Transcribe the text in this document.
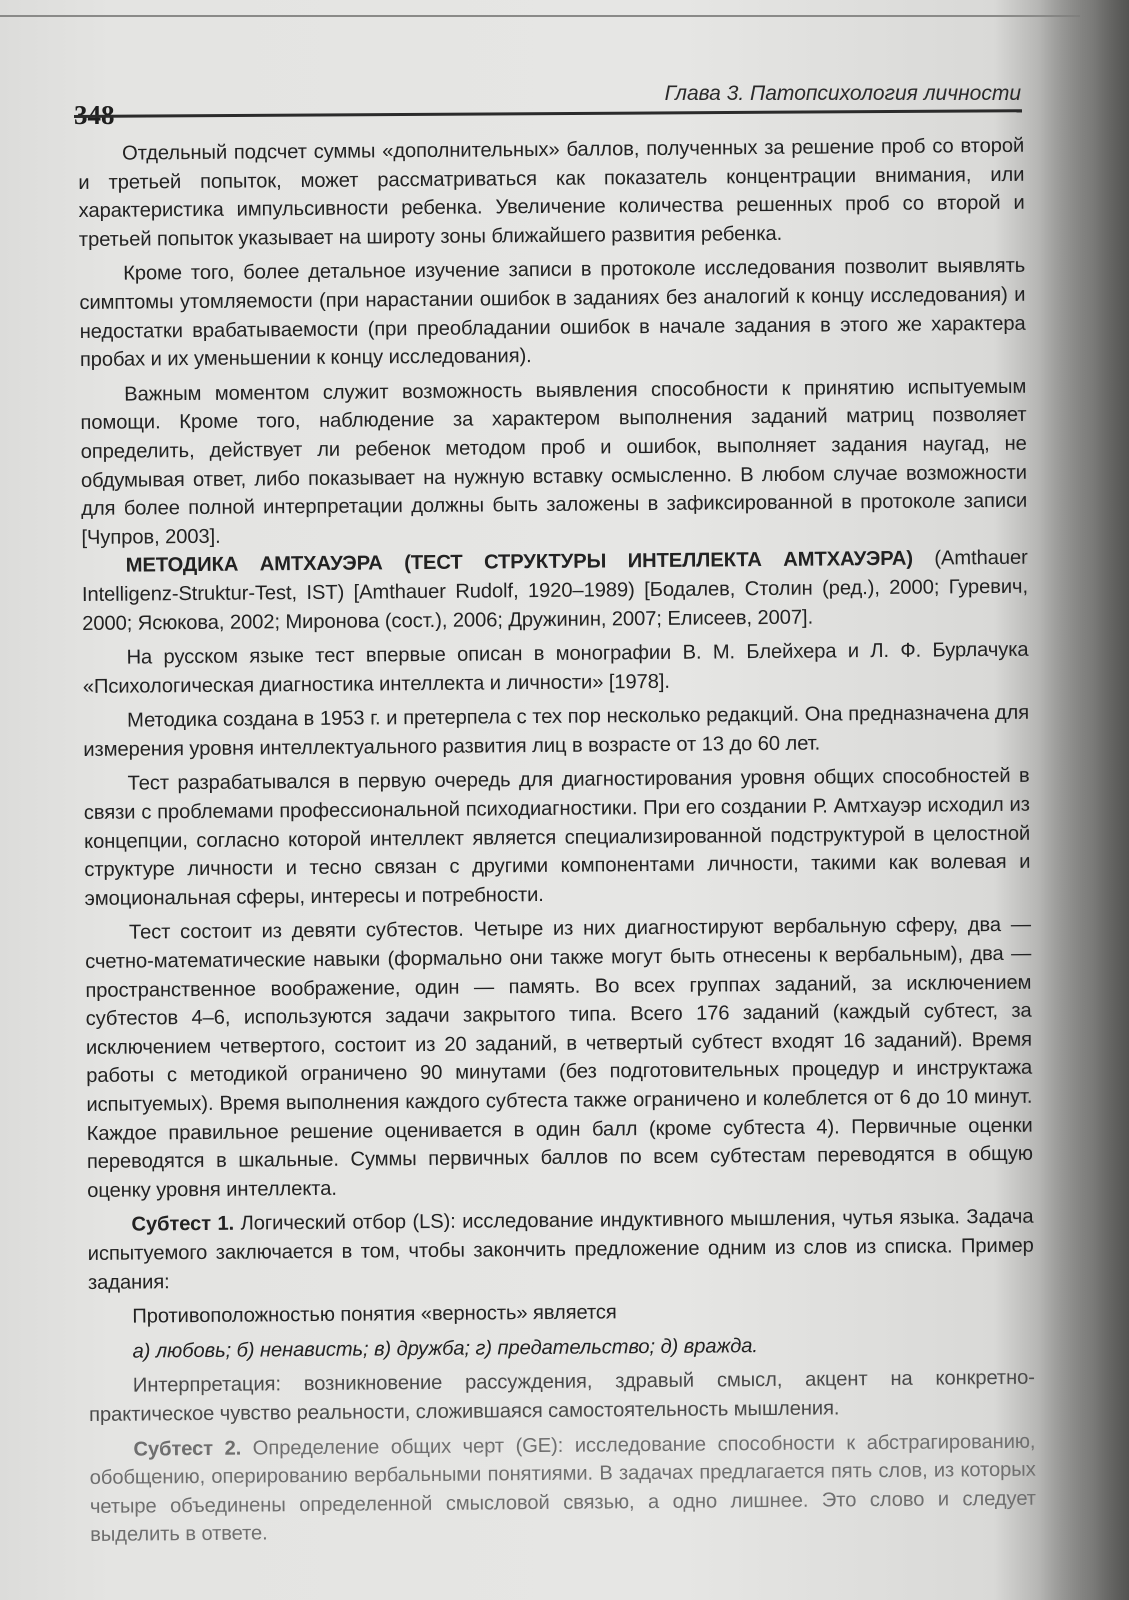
348
Глава 3. Патопсихология личности

Отдельный подсчет суммы «дополнительных» баллов, полученных за решение проб со второй и третьей попыток, может рассматриваться как показатель концентрации внимания, или характеристика импульсивности ребенка. Увеличение количества решенных проб со второй и третьей попыток указывает на широту зоны ближайшего развития ребенка.

Кроме того, более детальное изучение записи в протоколе исследования позволит выявлять симптомы утомляемости (при нарастании ошибок в заданиях без аналогий к концу исследования) и недостатки врабатываемости (при преобладании ошибок в начале задания в этого же характера пробах и их уменьшении к концу исследования).

Важным моментом служит возможность выявления способности к принятию испытуемым помощи. Кроме того, наблюдение за характером выполнения заданий матриц позволяет определить, действует ли ребенок методом проб и ошибок, выполняет задания наугад, не обдумывая ответ, либо показывает на нужную вставку осмысленно. В любом случае возможности для более полной интерпретации должны быть заложены в зафиксированной в протоколе записи [Чупров, 2003].

МЕТОДИКА АМТХАУЭРА (ТЕСТ СТРУКТУРЫ ИНТЕЛЛЕКТА АМТХАУЭРА) (Amthauer Intelligenz-Struktur-Test, IST) [Amthauer Rudolf, 1920–1989) [Бодалев, Столин (ред.), 2000; Гуревич, 2000; Ясюкова, 2002; Миронова (сост.), 2006; Дружинин, 2007; Елисеев, 2007].

На русском языке тест впервые описан в монографии В. М. Блейхера и Л. Ф. Бурлачука «Психологическая диагностика интеллекта и личности» [1978].

Методика создана в 1953 г. и претерпела с тех пор несколько редакций. Она предназначена для измерения уровня интеллектуального развития лиц в возрасте от 13 до 60 лет.

Тест разрабатывался в первую очередь для диагностирования уровня общих способностей в связи с проблемами профессиональной психодиагностики. При его создании Р. Амтхауэр исходил из концепции, согласно которой интеллект является специализированной подструктурой в целостной структуре личности и тесно связан с другими компонентами личности, такими как волевая и эмоциональная сферы, интересы и потребности.

Тест состоит из девяти субтестов. Четыре из них диагностируют вербальную сферу, два — счетно-математические навыки (формально они также могут быть отнесены к вербальным), два — пространственное воображение, один — память. Во всех группах заданий, за исключением субтестов 4–6, используются задачи закрытого типа. Всего 176 заданий (каждый субтест, за исключением четвертого, состоит из 20 заданий, в четвертый субтест входят 16 заданий). Время работы с методикой ограничено 90 минутами (без подготовительных процедур и инструктажа испытуемых). Время выполнения каждого субтеста также ограничено и колеблется от 6 до 10 минут. Каждое правильное решение оценивается в один балл (кроме субтеста 4). Первичные оценки переводятся в шкальные. Суммы первичных баллов по всем субтестам переводятся в общую оценку уровня интеллекта.

Субтест 1. Логический отбор (LS): исследование индуктивного мышления, чутья языка. Задача испытуемого заключается в том, чтобы закончить предложение одним из слов из списка. Пример задания:

Противоположностью понятия «верность» является

а) любовь; б) ненависть; в) дружба; г) предательство; д) вражда.

Интерпретация: возникновение рассуждения, здравый смысл, акцент на конкретно-практическое чувство реальности, сложившаяся самостоятельность мышления.

Субтест 2. Определение общих черт (GE): исследование способности к абстрагированию, обобщению, оперированию вербальными понятиями. В задачах предлагается пять слов, из которых четыре объединены определенной смысловой связью, а одно лишнее. Это слово и следует выделить в ответе.
